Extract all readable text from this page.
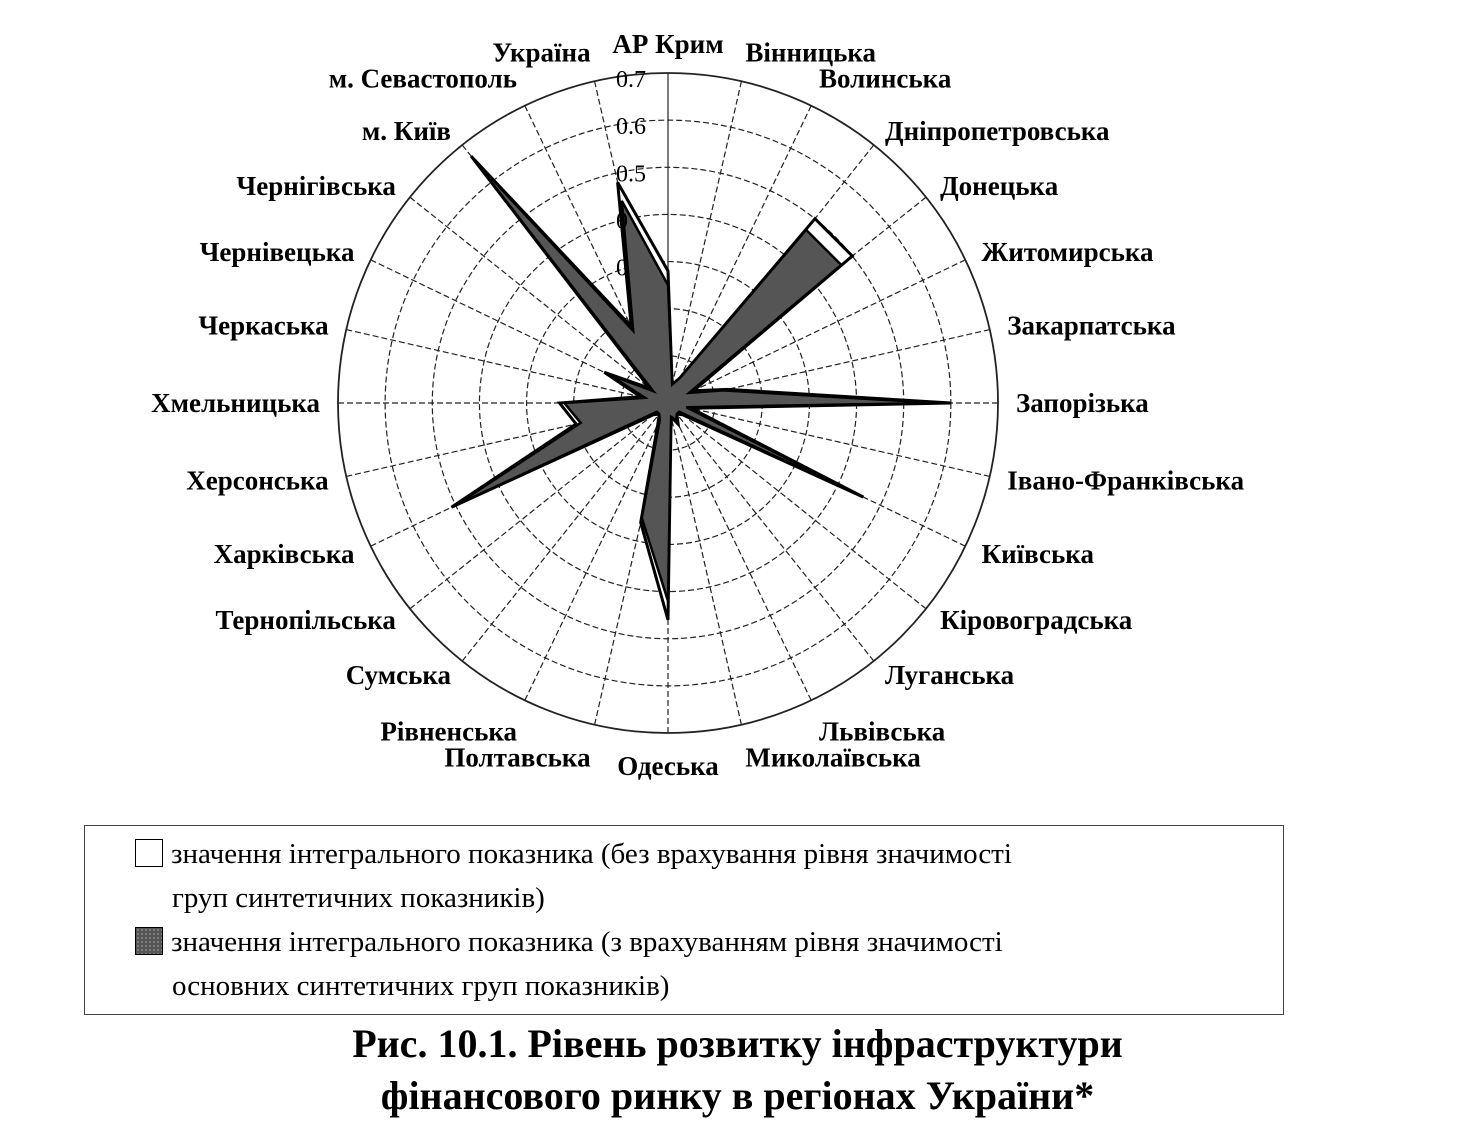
0
0
0.5
0.6
0.7
АР Крим Вінницька
Волинська
Дніпропетровська
Донецька
Житомирська
Закарпатська
Запорізька
Івано-Франківська
Київська
Кіровоградська
Луганська
Львівська
Миколаївська
Одеська
Полтавська
Рівненська
Сумська
Тернопільська
Харківська
Херсонська
Хмельницька
Черкаська
Чернівецька
Чернігівська
м. Київ
м. Севастополь
Україна
значення інтегрального показника (без врахування рівня значимості
груп синтетичних показників)
значення інтегрального показника (з врахуванням рівня значимості
основних синтетичних груп показників)
Рис. 10.1. Рівень розвитку інфраструктури
фінансового ринку в регіонах України*
